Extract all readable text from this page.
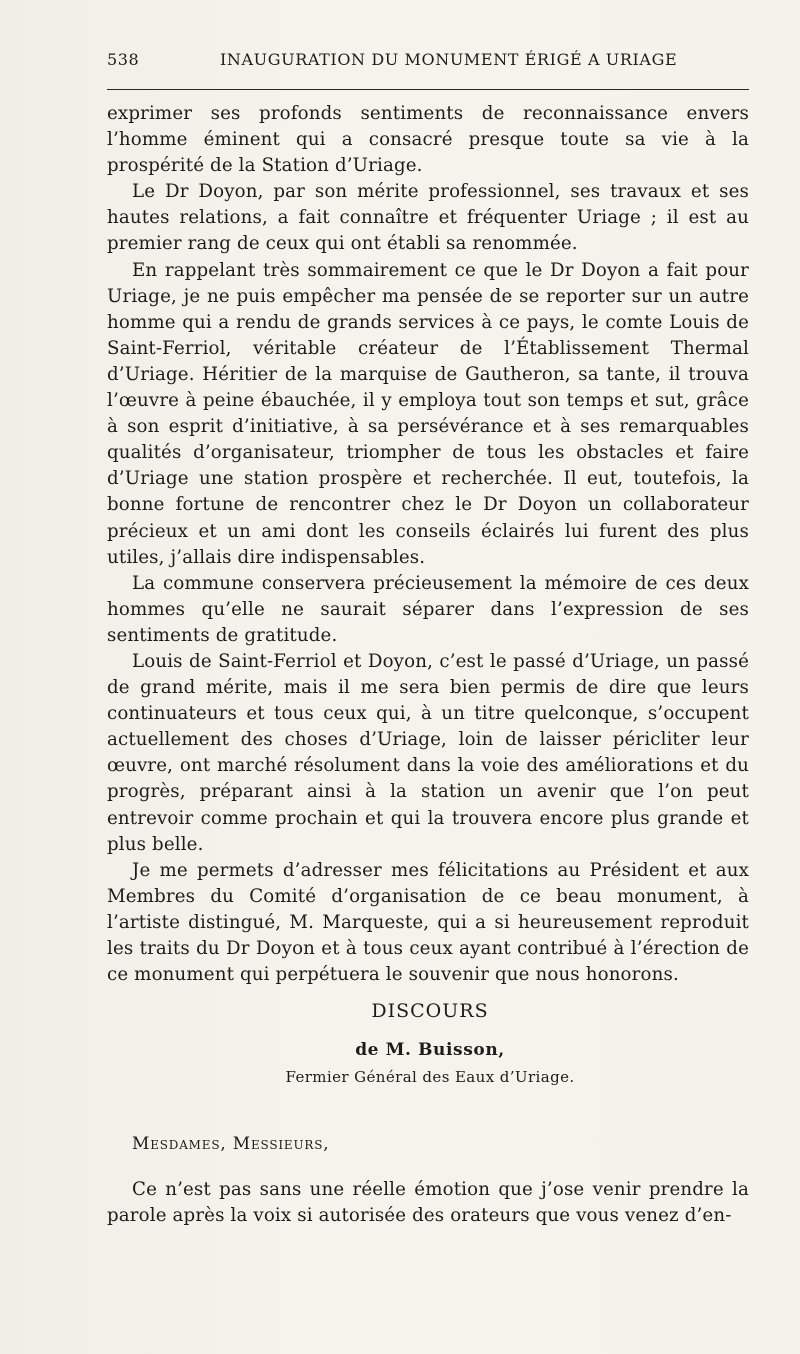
538	INAUGURATION DU MONUMENT ÉRIGÉ A URIAGE

exprimer ses profonds sentiments de reconnaissance envers l’homme éminent qui a consacré presque toute sa vie à la prospérité de la Station d’Uriage.

Le Dr Doyon, par son mérite professionnel, ses travaux et ses hautes relations, a fait connaître et fréquenter Uriage ; il est au premier rang de ceux qui ont établi sa renommée.

En rappelant très sommairement ce que le Dr Doyon a fait pour Uriage, je ne puis empêcher ma pensée de se reporter sur un autre homme qui a rendu de grands services à ce pays, le comte Louis de Saint-Ferriol, véritable créateur de l’Établissement Thermal d’Uriage. Héritier de la marquise de Gautheron, sa tante, il trouva l’œuvre à peine ébauchée, il y employa tout son temps et sut, grâce à son esprit d’initiative, à sa persévérance et à ses remarquables qualités d’organisateur, triompher de tous les obstacles et faire d’Uriage une station prospère et recherchée. Il eut, toutefois, la bonne fortune de rencontrer chez le Dr Doyon un collaborateur précieux et un ami dont les conseils éclairés lui furent des plus utiles, j’allais dire indispensables.

La commune conservera précieusement la mémoire de ces deux hommes qu’elle ne saurait séparer dans l’expression de ses sentiments de gratitude.

Louis de Saint-Ferriol et Doyon, c’est le passé d’Uriage, un passé de grand mérite, mais il me sera bien permis de dire que leurs continuateurs et tous ceux qui, à un titre quelconque, s’occupent actuellement des choses d’Uriage, loin de laisser péricliter leur œuvre, ont marché résolument dans la voie des améliorations et du progrès, préparant ainsi à la station un avenir que l’on peut entrevoir comme prochain et qui la trouvera encore plus grande et plus belle.

Je me permets d’adresser mes félicitations au Président et aux Membres du Comité d’organisation de ce beau monument, à l’artiste distingué, M. Marqueste, qui a si heureusement reproduit les traits du Dr Doyon et à tous ceux ayant contribué à l’érection de ce monument qui perpétuera le souvenir que nous honorons.

DISCOURS
de M. Buisson,
Fermier Général des Eaux d’Uriage.
Mesdames, Messieurs,

Ce n’est pas sans une réelle émotion que j’ose venir prendre la parole après la voix si autorisée des orateurs que vous venez d’en-
